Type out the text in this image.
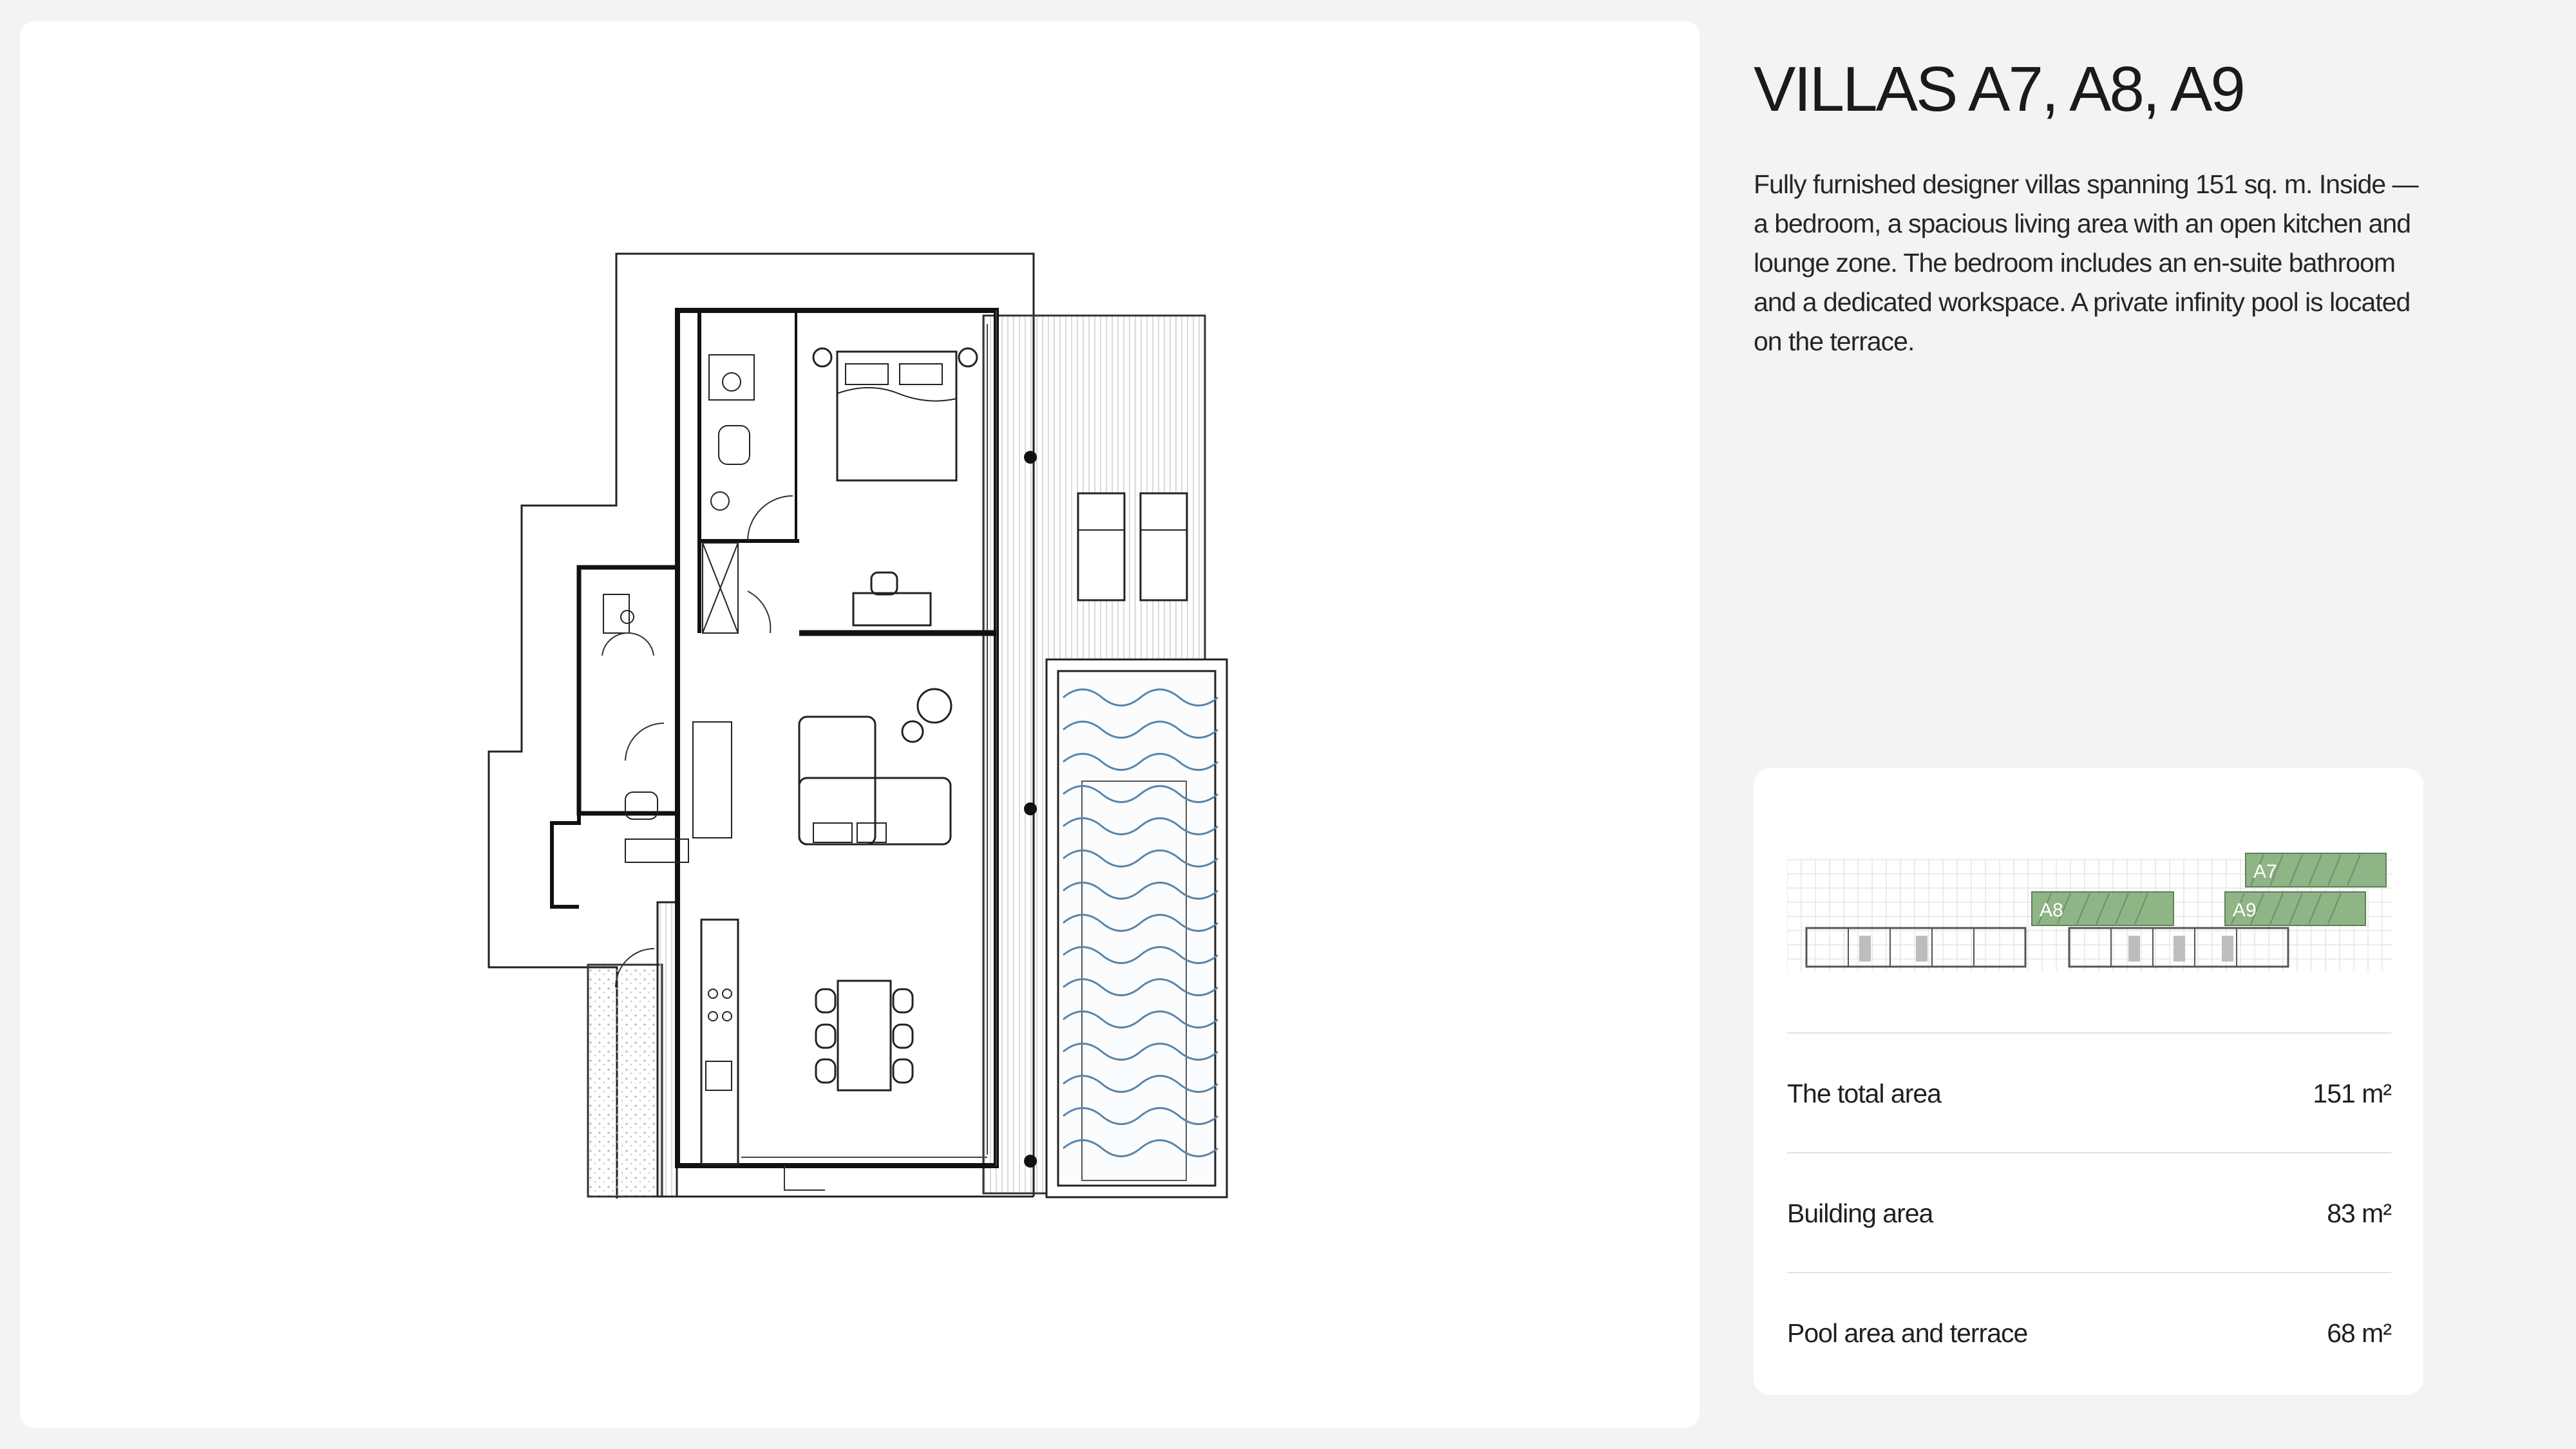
VILLAS A7, A8, A9

Fully furnished designer villas spanning 151 sq. m. Inside — a bedroom, a spacious living area with an open kitchen and lounge zone. The bedroom includes an en-suite bathroom and a dedicated workspace. A private infinity pool is located on the terrace.

A7
A8	A9
The total area	151 m²
Building area	83 m²
Pool area and terrace	68 m²
